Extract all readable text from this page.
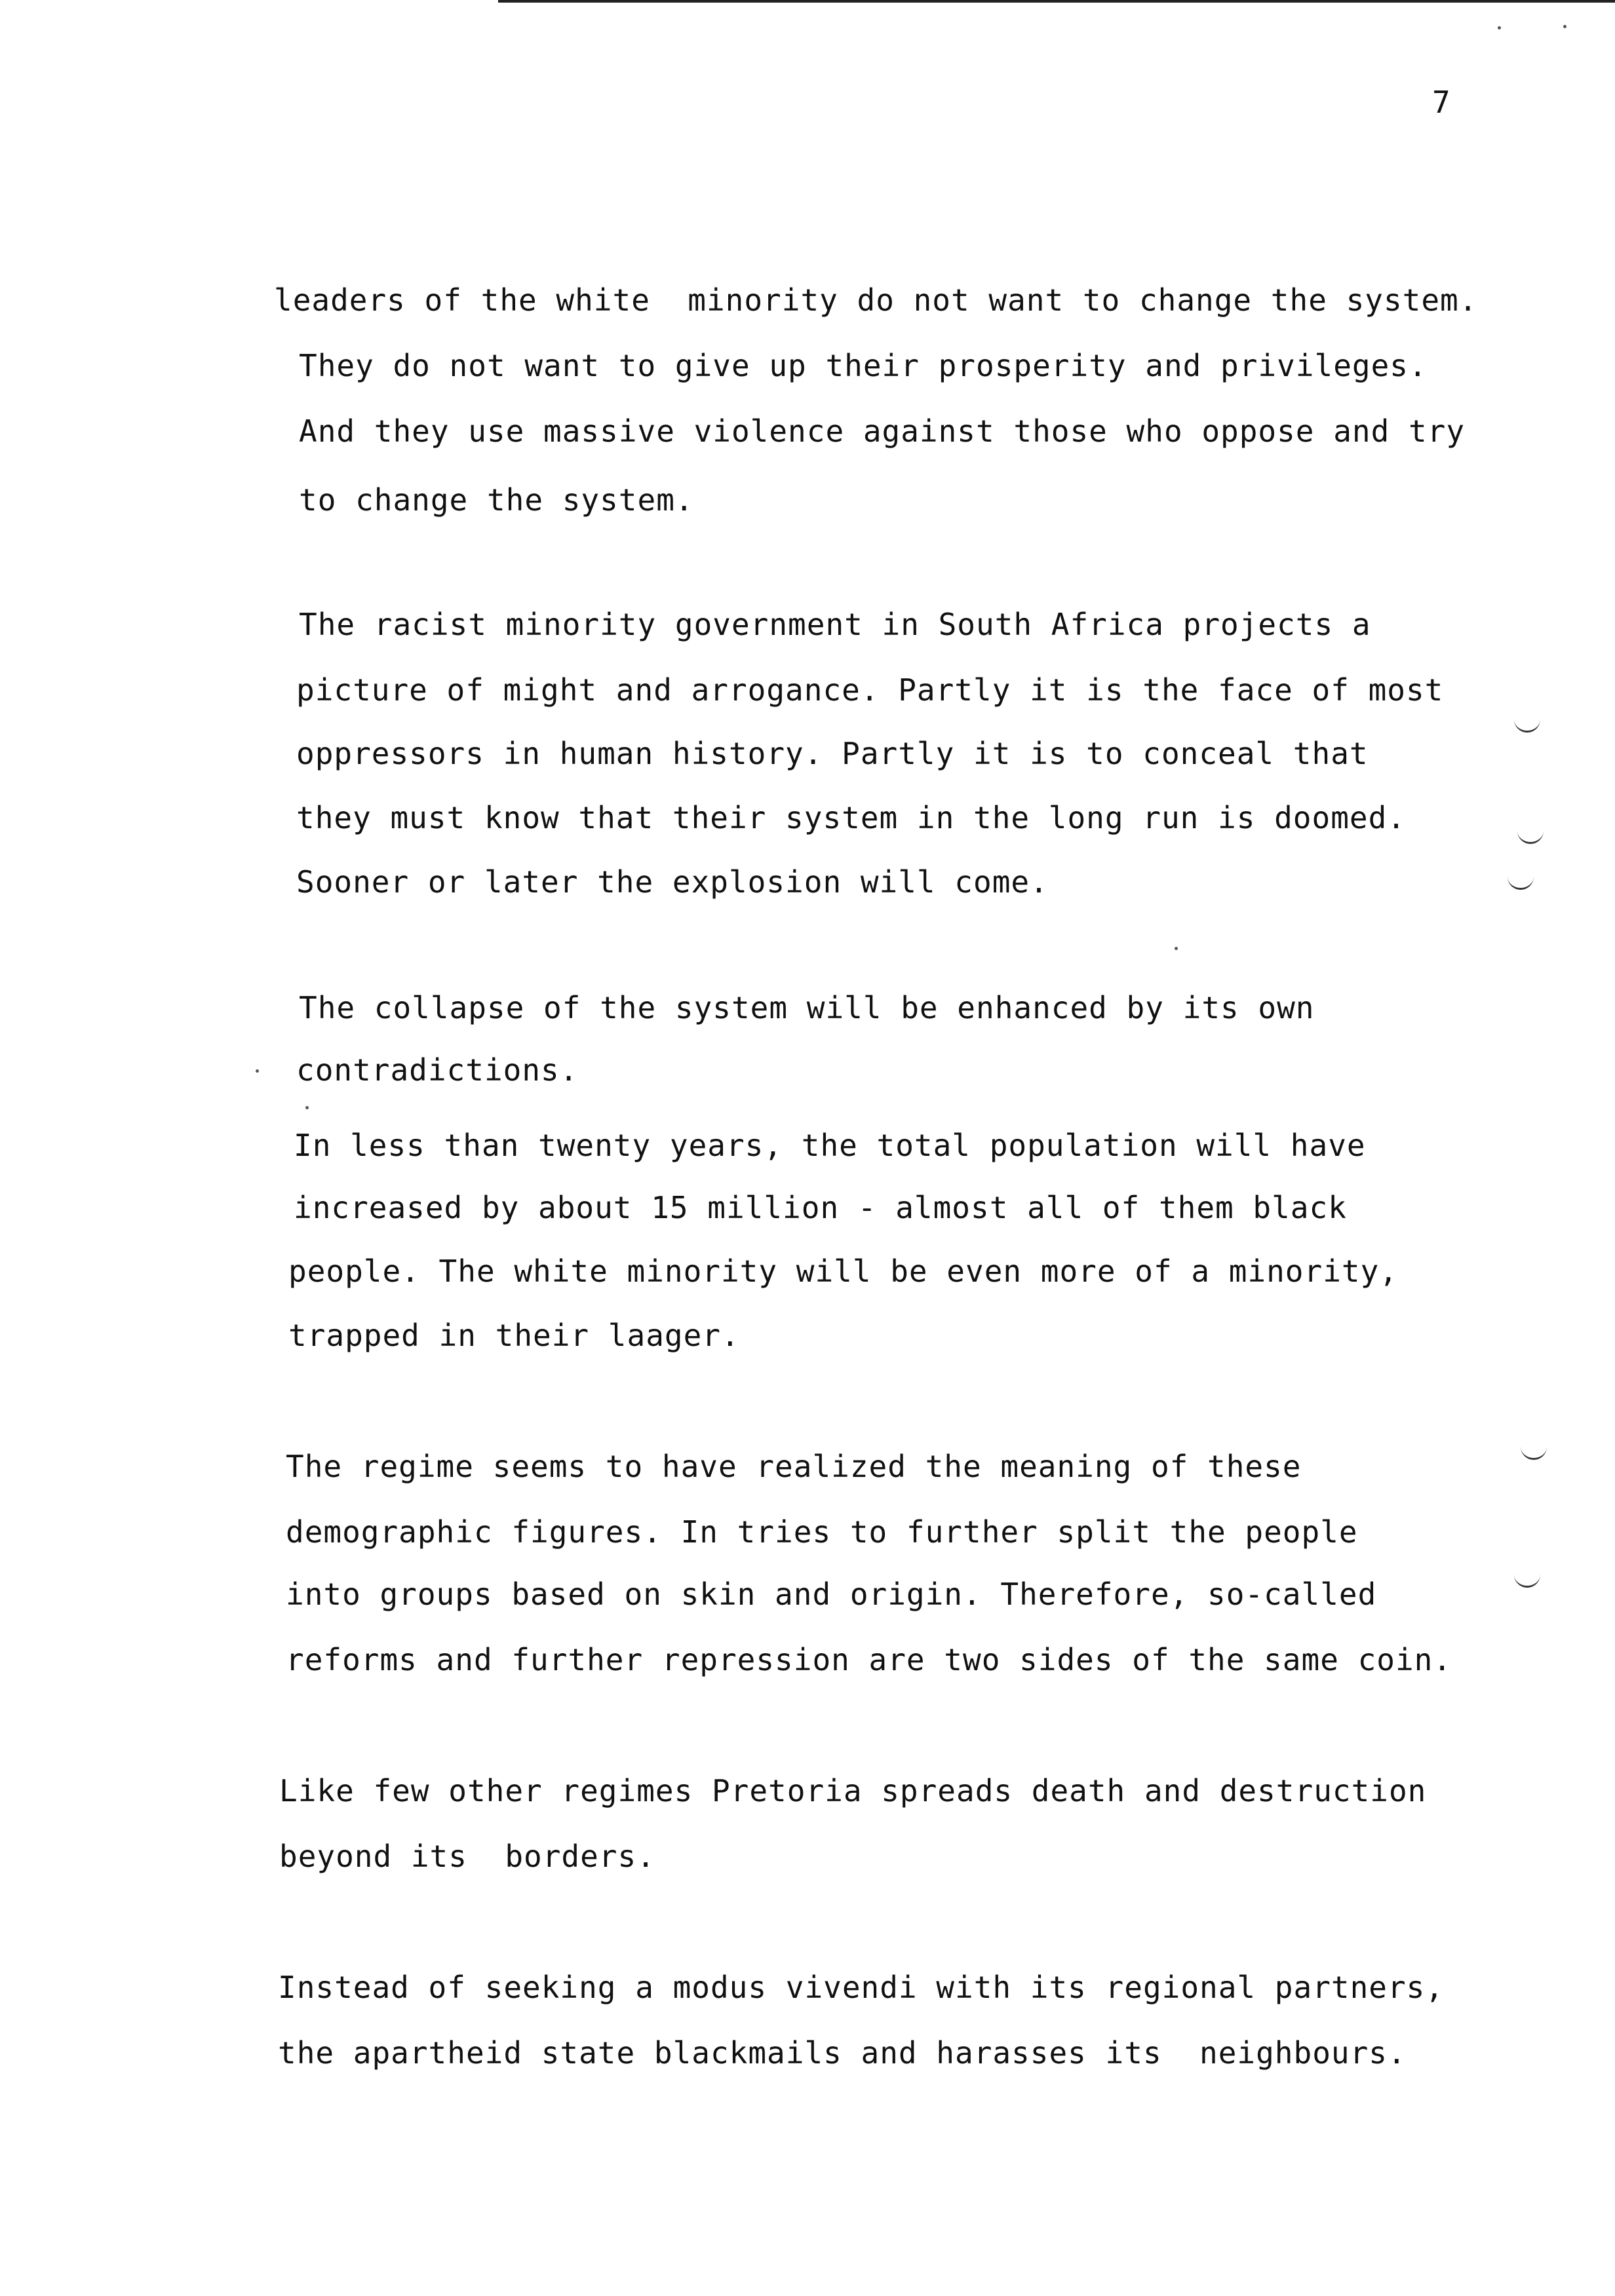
7
leaders of the white  minority do not want to change the system.
They do not want to give up their prosperity and privileges.
And they use massive violence against those who oppose and try
to change the system.
The racist minority government in South Africa projects a
picture of might and arrogance. Partly it is the face of most
oppressors in human history. Partly it is to conceal that
they must know that their system in the long run is doomed.
Sooner or later the explosion will come.
The collapse of the system will be enhanced by its own
contradictions.
In less than twenty years, the total population will have
increased by about 15 million - almost all of them black
people. The white minority will be even more of a minority,
trapped in their laager.
The regime seems to have realized the meaning of these
demographic figures. In tries to further split the people
into groups based on skin and origin. Therefore, so-called
reforms and further repression are two sides of the same coin.
Like few other regimes Pretoria spreads death and destruction
beyond its  borders.
Instead of seeking a modus vivendi with its regional partners,
the apartheid state blackmails and harasses its  neighbours.
